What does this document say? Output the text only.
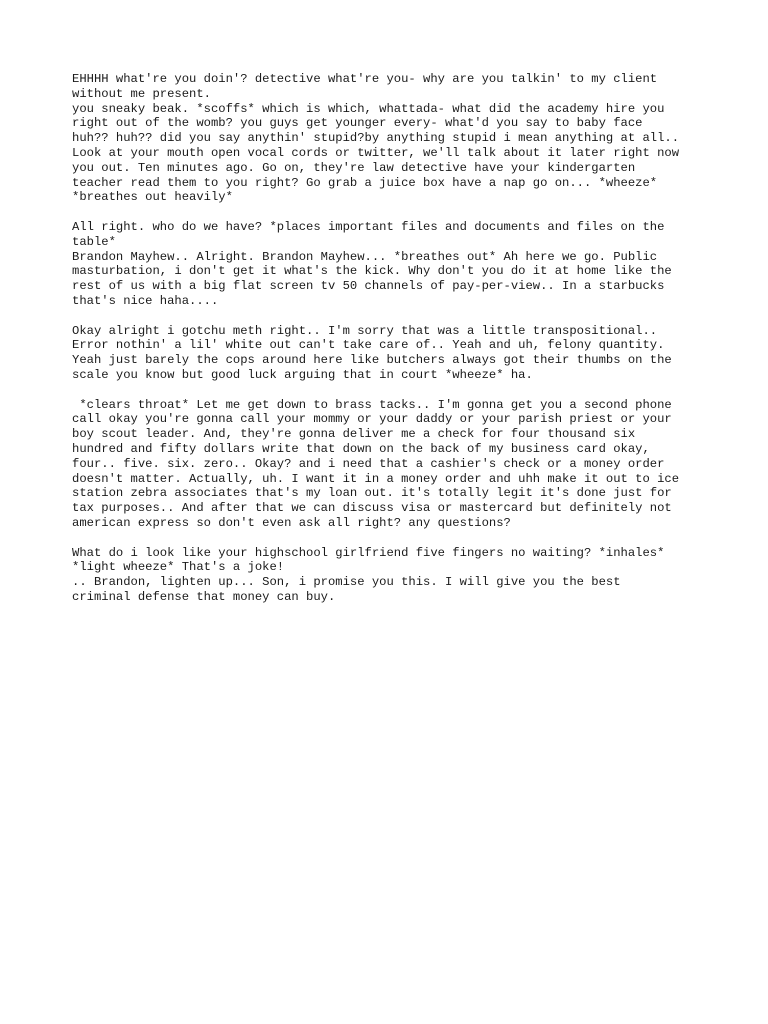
EHHHH what're you doin'? detective what're you- why are you talkin' to my client
without me present.
you sneaky beak. *scoffs* which is which, whattada- what did the academy hire you
right out of the womb? you guys get younger every- what'd you say to baby face
huh?? huh?? did you say anythin' stupid?by anything stupid i mean anything at all..
Look at your mouth open vocal cords or twitter, we'll talk about it later right now
you out. Ten minutes ago. Go on, they're law detective have your kindergarten
teacher read them to you right? Go grab a juice box have a nap go on... *wheeze*
*breathes out heavily*
All right. who do we have? *places important files and documents and files on the
table*
Brandon Mayhew.. Alright. Brandon Mayhew... *breathes out* Ah here we go. Public
masturbation, i don't get it what's the kick. Why don't you do it at home like the
rest of us with a big flat screen tv 50 channels of pay-per-view.. In a starbucks
that's nice haha....
Okay alright i gotchu meth right.. I'm sorry that was a little transpositional..
Error nothin' a lil' white out can't take care of.. Yeah and uh, felony quantity.
Yeah just barely the cops around here like butchers always got their thumbs on the
scale you know but good luck arguing that in court *wheeze* ha.
*clears throat* Let me get down to brass tacks.. I'm gonna get you a second phone
call okay you're gonna call your mommy or your daddy or your parish priest or your
boy scout leader. And, they're gonna deliver me a check for four thousand six
hundred and fifty dollars write that down on the back of my business card okay,
four.. five. six. zero.. Okay? and i need that a cashier's check or a money order
doesn't matter. Actually, uh. I want it in a money order and uhh make it out to ice
station zebra associates that's my loan out. it's totally legit it's done just for
tax purposes.. And after that we can discuss visa or mastercard but definitely not
american express so don't even ask all right? any questions?
What do i look like your highschool girlfriend five fingers no waiting? *inhales*
*light wheeze* That's a joke!
.. Brandon, lighten up... Son, i promise you this. I will give you the best
criminal defense that money can buy.
